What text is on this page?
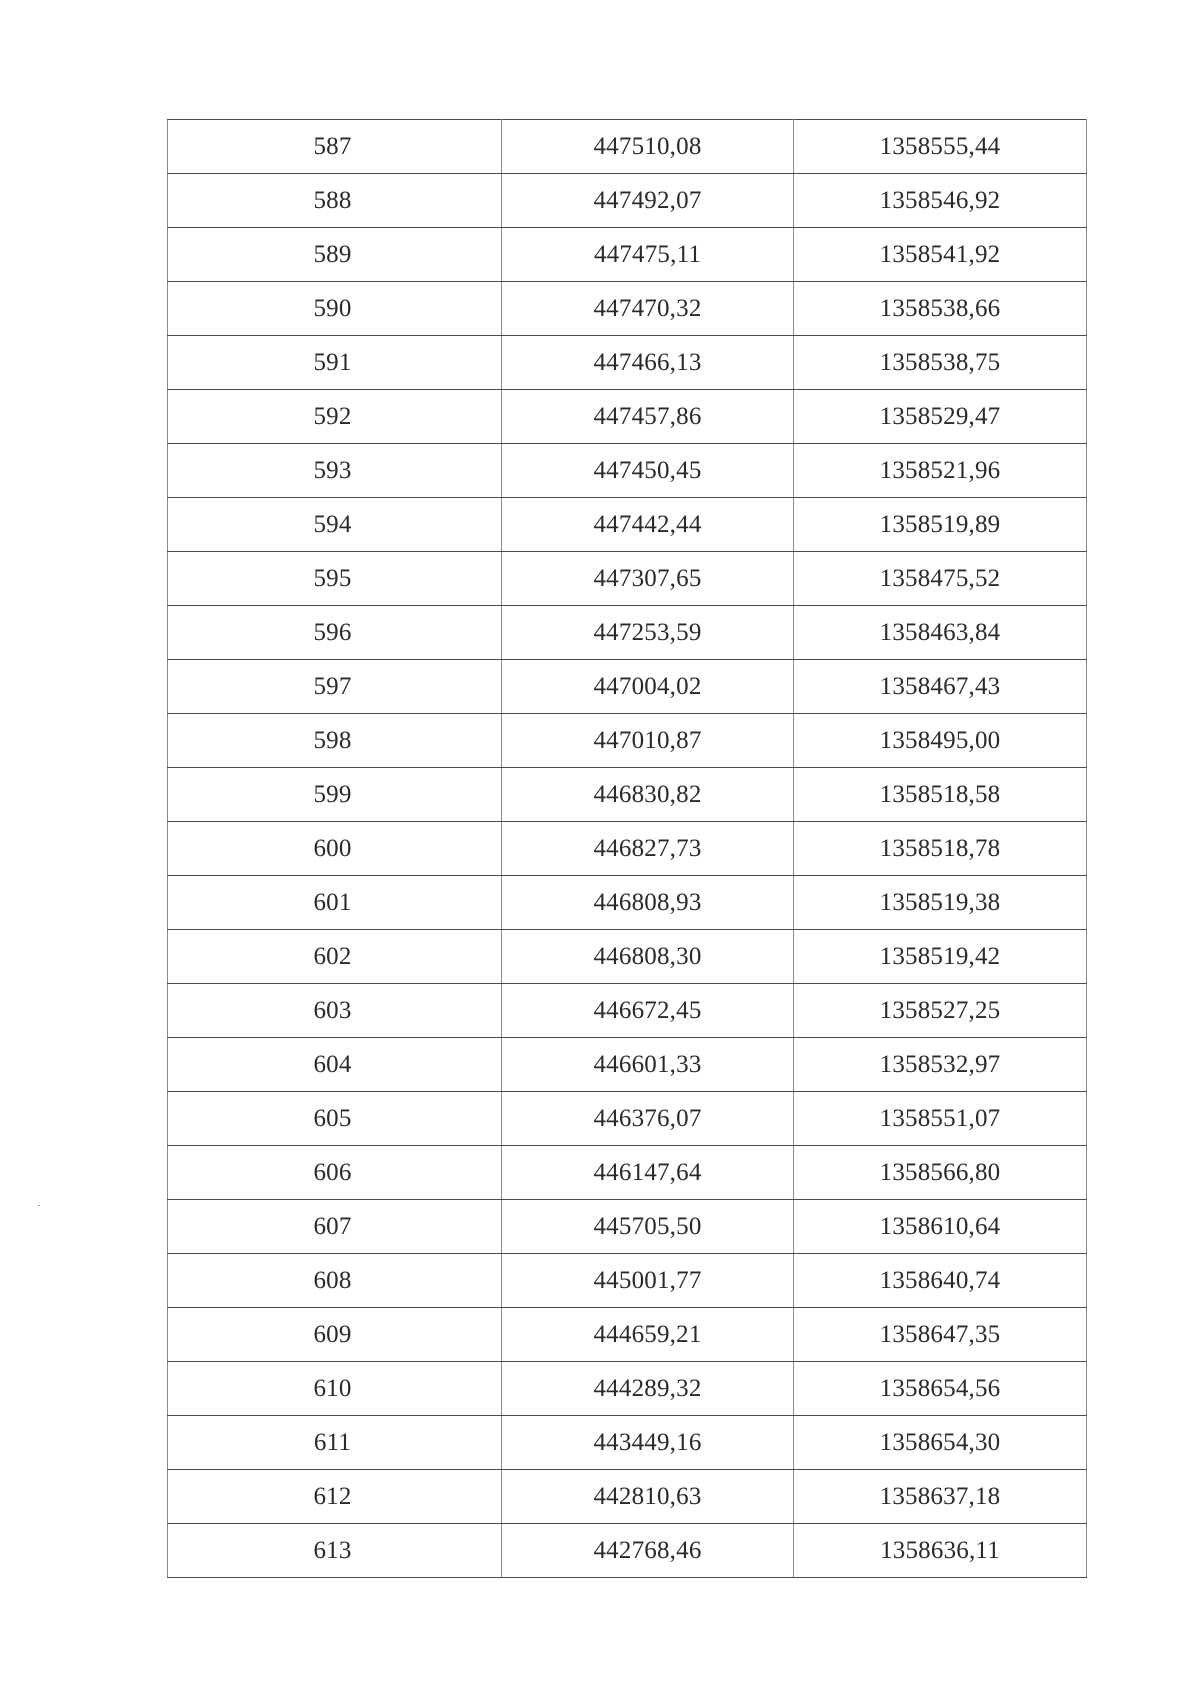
587	447510,08	1358555,44
588	447492,07	1358546,92
589	447475,11	1358541,92
590	447470,32	1358538,66
591	447466,13	1358538,75
592	447457,86	1358529,47
593	447450,45	1358521,96
594	447442,44	1358519,89
595	447307,65	1358475,52
596	447253,59	1358463,84
597	447004,02	1358467,43
598	447010,87	1358495,00
599	446830,82	1358518,58
600	446827,73	1358518,78
601	446808,93	1358519,38
602	446808,30	1358519,42
603	446672,45	1358527,25
604	446601,33	1358532,97
605	446376,07	1358551,07
606	446147,64	1358566,80
607	445705,50	1358610,64
608	445001,77	1358640,74
609	444659,21	1358647,35
610	444289,32	1358654,56
611	443449,16	1358654,30
612	442810,63	1358637,18
613	442768,46	1358636,11
